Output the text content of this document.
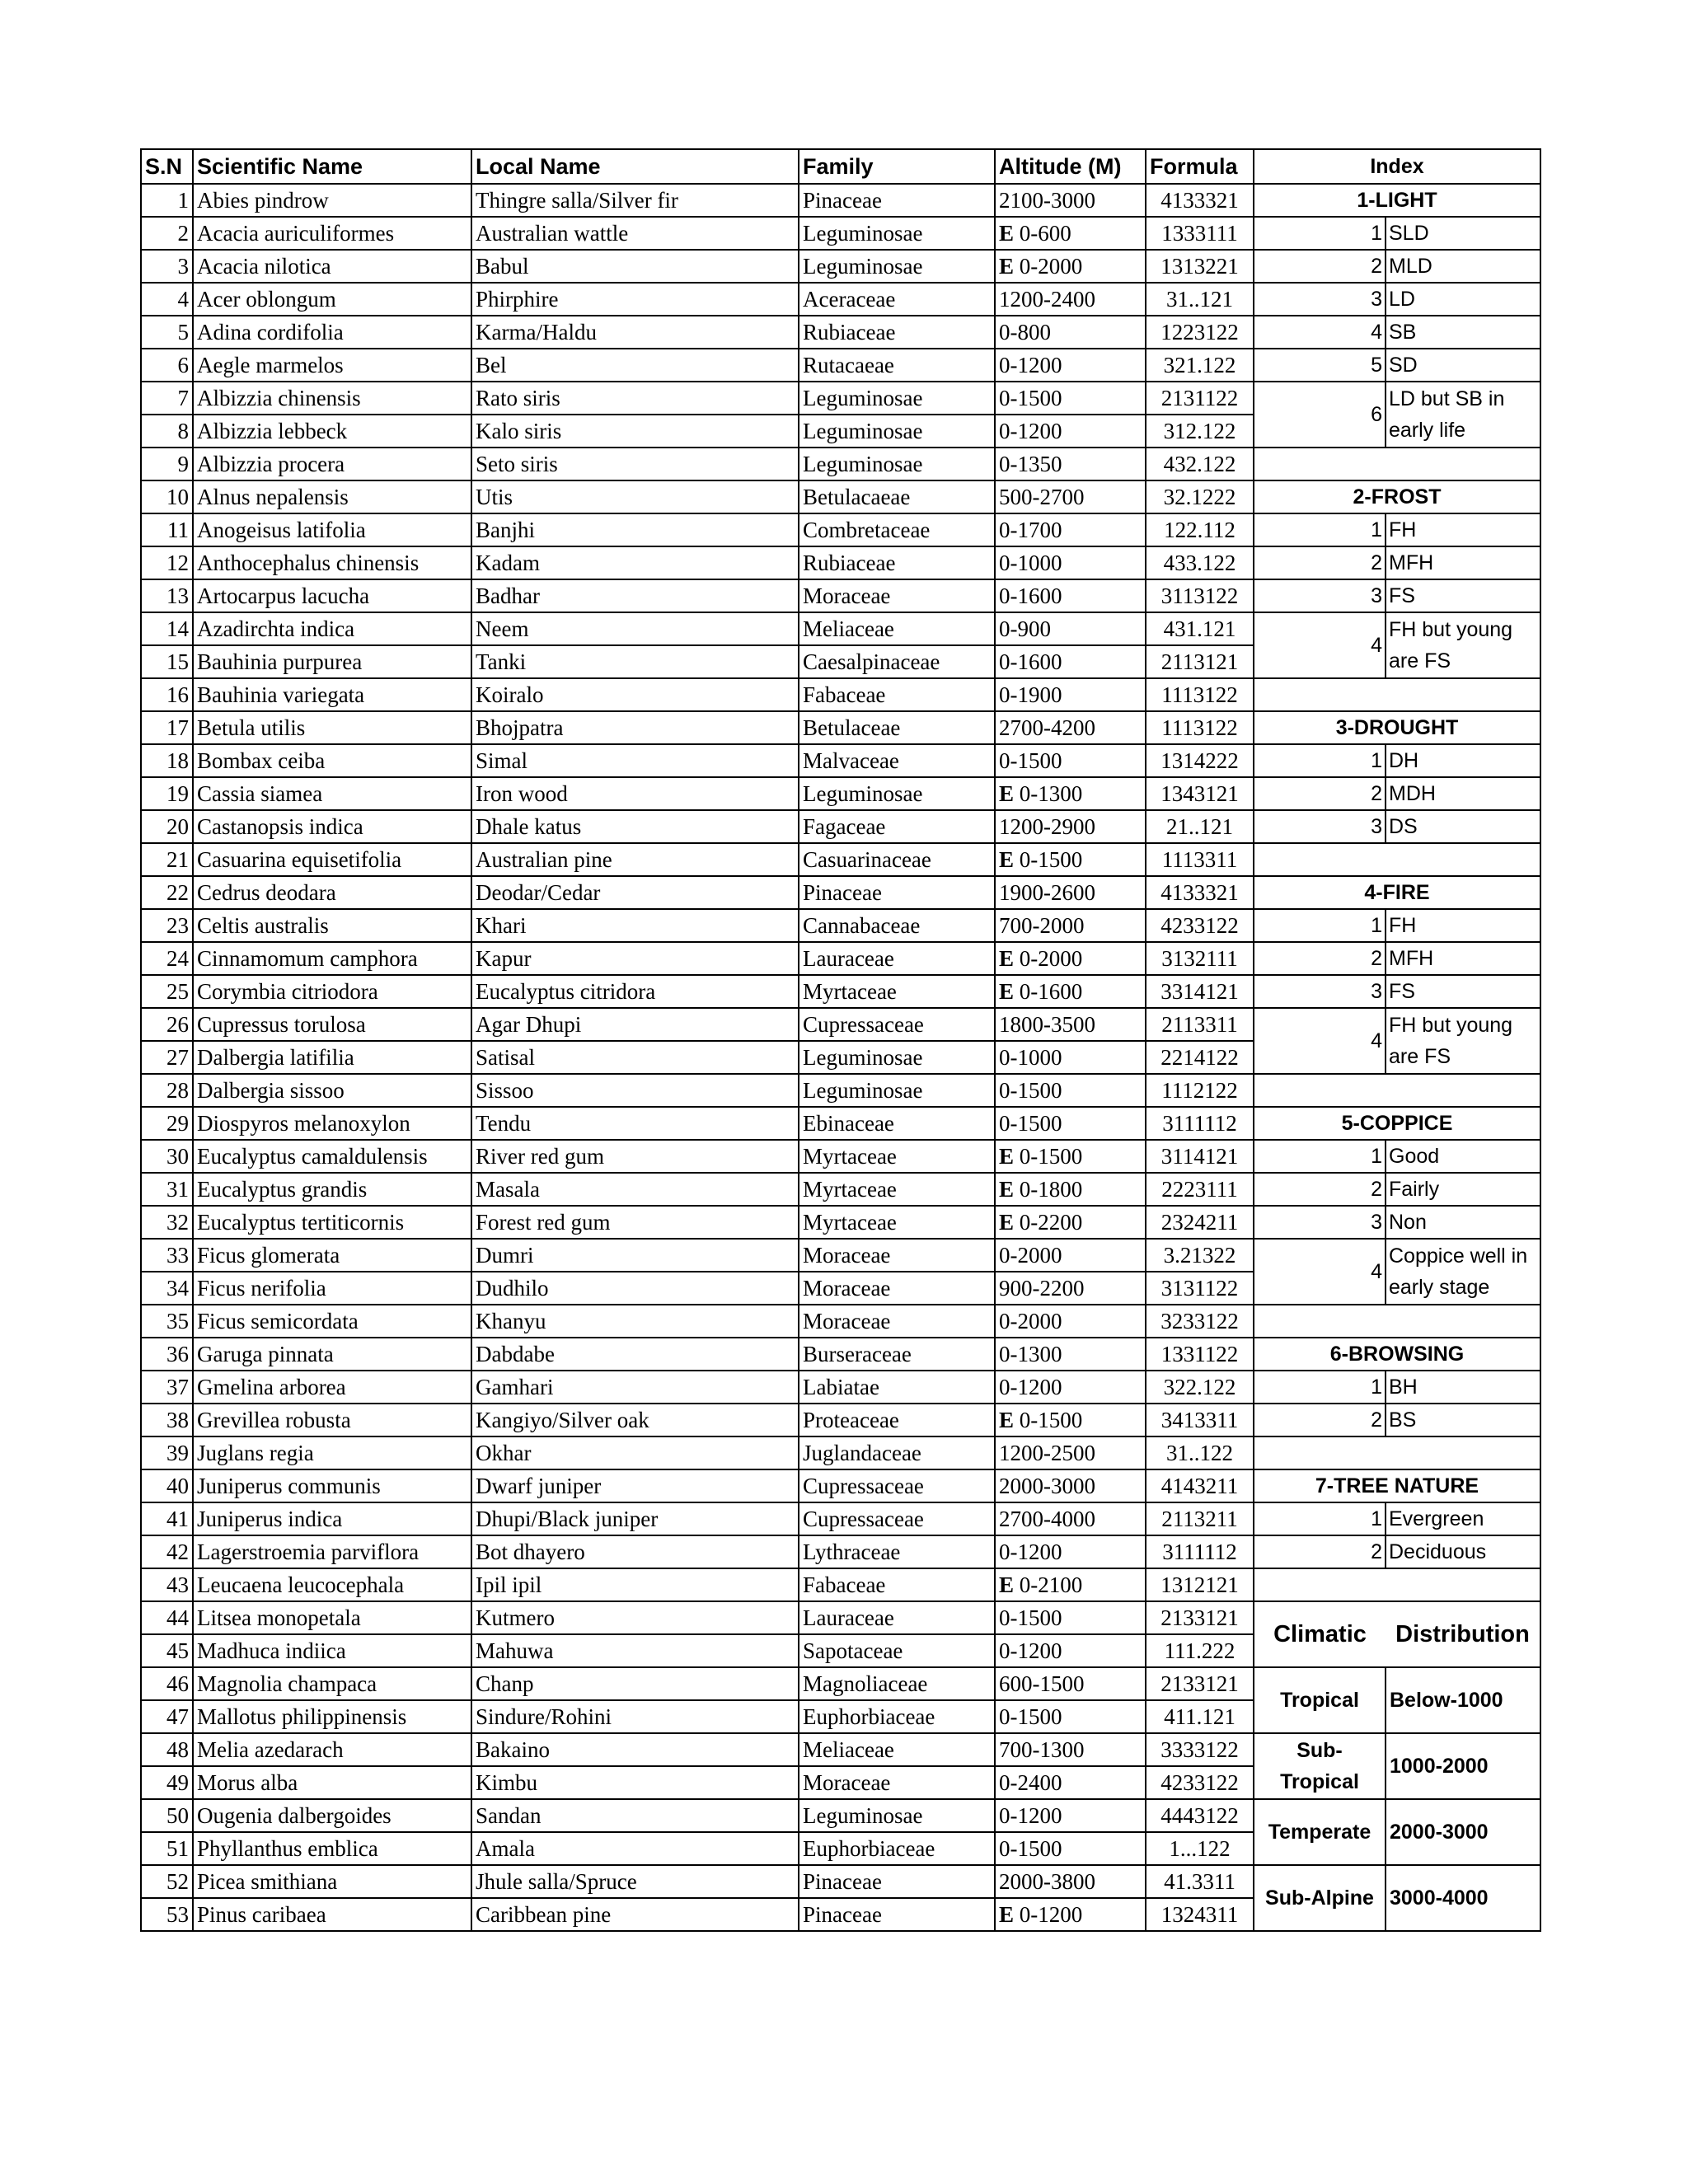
S.N	Scientific Name	Local Name	Family	Altitude (M)	Formula	Index	
1	Abies pindrow	Thingre salla/Silver fir	Pinaceae	2100-3000	4133321	1-LIGHT	
2	Acacia auriculiformes	Australian wattle	Leguminosae	E 0-600	1333111	1	SLD
3	Acacia nilotica	Babul	Leguminosae	E 0-2000	1313221	2	MLD
4	Acer oblongum	Phirphire	Aceraceae	1200-2400	31..121	3	LD
5	Adina cordifolia	Karma/Haldu	Rubiaceae	0-800	1223122	4	SB
6	Aegle marmelos	Bel	Rutacaeae	0-1200	321.122	5	SD
7	Albizzia chinensis	Rato siris	Leguminosae	0-1500	2131122	6	LD but SB in early life
8	Albizzia lebbeck	Kalo siris	Leguminosae	0-1200	312.122		
9	Albizzia procera	Seto siris	Leguminosae	0-1350	432.122		
10	Alnus nepalensis	Utis	Betulacaeae	500-2700	32.1222	2-FROST	
11	Anogeisus latifolia	Banjhi	Combretaceae	0-1700	122.112	1	FH
12	Anthocephalus chinensis	Kadam	Rubiaceae	0-1000	433.122	2	MFH
13	Artocarpus lacucha	Badhar	Moraceae	0-1600	3113122	3	FS
14	Azadirchta indica	Neem	Meliaceae	0-900	431.121	4	FH but young are FS
15	Bauhinia purpurea	Tanki	Caesalpinaceae	0-1600	2113121		
16	Bauhinia variegata	Koiralo	Fabaceae	0-1900	1113122		
17	Betula utilis	Bhojpatra	Betulaceae	2700-4200	1113122	3-DROUGHT	
18	Bombax ceiba	Simal	Malvaceae	0-1500	1314222	1	DH
19	Cassia siamea	Iron wood	Leguminosae	E 0-1300	1343121	2	MDH
20	Castanopsis indica	Dhale katus	Fagaceae	1200-2900	21..121	3	DS
21	Casuarina equisetifolia	Australian pine	Casuarinaceae	E 0-1500	1113311		
22	Cedrus deodara	Deodar/Cedar	Pinaceae	1900-2600	4133321	4-FIRE	
23	Celtis australis	Khari	Cannabaceae	700-2000	4233122	1	FH
24	Cinnamomum camphora	Kapur	Lauraceae	E 0-2000	3132111	2	MFH
25	Corymbia citriodora	Eucalyptus citridora	Myrtaceae	E 0-1600	3314121	3	FS
26	Cupressus torulosa	Agar Dhupi	Cupressaceae	1800-3500	2113311	4	FH but young are FS
27	Dalbergia latifilia	Satisal	Leguminosae	0-1000	2214122		
28	Dalbergia sissoo	Sissoo	Leguminosae	0-1500	1112122		
29	Diospyros melanoxylon	Tendu	Ebinaceae	0-1500	3111112	5-COPPICE	
30	Eucalyptus camaldulensis	River red gum	Myrtaceae	E 0-1500	3114121	1	Good
31	Eucalyptus grandis	Masala	Myrtaceae	E 0-1800	2223111	2	Fairly
32	Eucalyptus tertiticornis	Forest red gum	Myrtaceae	E 0-2200	2324211	3	Non
33	Ficus glomerata	Dumri	Moraceae	0-2000	3.21322	4	Coppice well in early stage
34	Ficus nerifolia	Dudhilo	Moraceae	900-2200	3131122		
35	Ficus semicordata	Khanyu	Moraceae	0-2000	3233122		
36	Garuga pinnata	Dabdabe	Burseraceae	0-1300	1331122	6-BROWSING	
37	Gmelina arborea	Gamhari	Labiatae	0-1200	322.122	1	BH
38	Grevillea robusta	Kangiyo/Silver oak	Proteaceae	E 0-1500	3413311	2	BS
39	Juglans regia	Okhar	Juglandaceae	1200-2500	31..122		
40	Juniperus communis	Dwarf juniper	Cupressaceae	2000-3000	4143211	7-TREE NATURE	
41	Juniperus indica	Dhupi/Black juniper	Cupressaceae	2700-4000	2113211	1	Evergreen
42	Lagerstroemia parviflora	Bot dhayero	Lythraceae	0-1200	3111112	2	Deciduous
43	Leucaena leucocephala	Ipil ipil	Fabaceae	E 0-2100	1312121		
44	Litsea monopetala	Kutmero	Lauraceae	0-1500	2133121	Climatic	Distribution
45	Madhuca indiica	Mahuwa	Sapotaceae	0-1200	111.222		
46	Magnolia champaca	Chanp	Magnoliaceae	600-1500	2133121	Tropical	Below-1000
47	Mallotus philippinensis	Sindure/Rohini	Euphorbiaceae	0-1500	411.121		
48	Melia azedarach	Bakaino	Meliaceae	700-1300	3333122	Sub-Tropical	1000-2000
49	Morus alba	Kimbu	Moraceae	0-2400	4233122		
50	Ougenia dalbergoides	Sandan	Leguminosae	0-1200	4443122	Temperate	2000-3000
51	Phyllanthus emblica	Amala	Euphorbiaceae	0-1500	1...122		
52	Picea smithiana	Jhule salla/Spruce	Pinaceae	2000-3800	41.3311	Sub-Alpine	3000-4000
53	Pinus caribaea	Caribbean pine	Pinaceae	E 0-1200	1324311		
